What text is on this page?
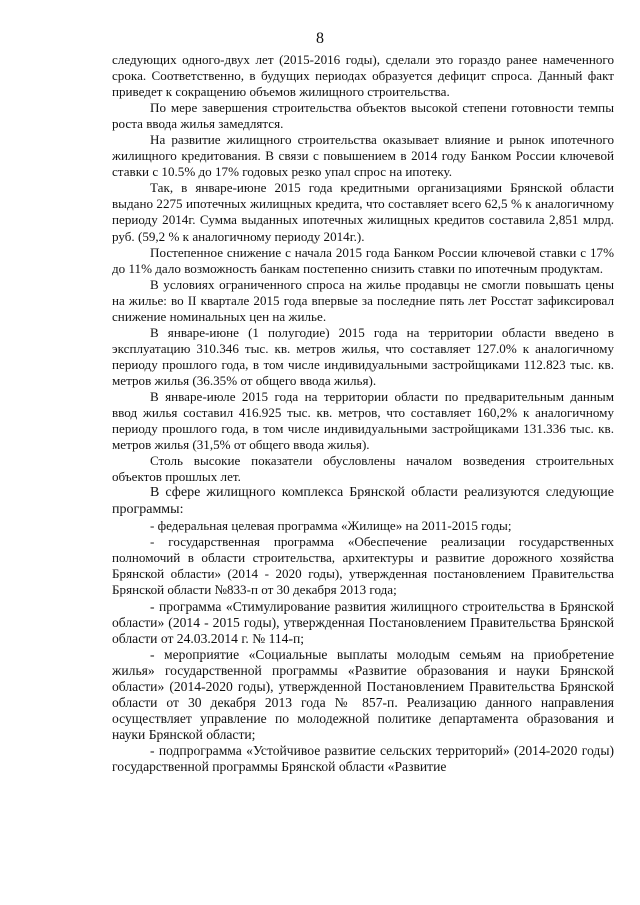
8

следующих одного-двух лет (2015-2016 годы), сделали это гораздо ранее намеченного срока. Соответственно, в будущих периодах образуется дефицит спроса. Данный факт приведет к сокращению объемов жилищного строительства.

По мере завершения строительства объектов высокой степени готовности темпы роста ввода жилья замедлятся.

На развитие жилищного строительства оказывает влияние и рынок ипотечного жилищного кредитования. В связи с повышением в 2014 году Банком России ключевой ставки с 10.5% до 17% годовых резко упал спрос на ипотеку.

Так, в январе-июне 2015 года кредитными организациями Брянской области выдано 2275 ипотечных жилищных кредита, что составляет всего 62,5 % к аналогичному периоду 2014г. Сумма выданных ипотечных жилищных кредитов составила 2,851 млрд. руб. (59,2 % к аналогичному периоду 2014г.).

Постепенное снижение с начала 2015 года Банком России ключевой ставки с 17% до 11% дало возможность банкам постепенно снизить ставки по ипотечным продуктам.

В условиях ограниченного спроса на жилье продавцы не смогли повышать цены на жилье: во II квартале 2015 года впервые за последние пять лет Росстат зафиксировал снижение номинальных цен на жилье.

В январе-июне (1 полугодие) 2015 года на территории области введено в эксплуатацию 310.346 тыс. кв. метров жилья, что составляет 127.0% к аналогичному периоду прошлого года, в том числе индивидуальными застройщиками 112.823 тыс. кв. метров жилья (36.35% от общего ввода жилья).

В январе-июле 2015 года на территории области по предварительным данным ввод жилья составил 416.925 тыс. кв. метров, что составляет 160,2% к аналогичному периоду прошлого года, в том числе индивидуальными застройщиками 131.336 тыс. кв. метров жилья (31,5% от общего ввода жилья).

Столь высокие показатели обусловлены началом возведения строительных объектов прошлых лет.

В сфере жилищного комплекса Брянской области реализуются следующие программы:

- федеральная целевая программа «Жилище» на 2011-2015 годы;

- государственная программа «Обеспечение реализации государственных полномочий в области строительства, архитектуры и развитие дорожного хозяйства Брянской области» (2014 - 2020 годы), утвержденная постановлением Правительства Брянской области №833-п от 30 декабря 2013 года;

- программа «Стимулирование развития жилищного строительства в Брянской области» (2014 - 2015 годы), утвержденная Постановлением Правительства Брянской области от 24.03.2014 г. № 114-п;

- мероприятие «Социальные выплаты молодым семьям на приобретение жилья» государственной программы «Развитие образования и науки Брянской области» (2014-2020 годы), утвержденной Постановлением Правительства Брянской области от 30 декабря 2013 года № 857-п. Реализацию данного направления осуществляет управление по молодежной политике департамента образования и науки Брянской области;

- подпрограмма «Устойчивое развитие сельских территорий» (2014-2020 годы) государственной программы Брянской области «Развитие
